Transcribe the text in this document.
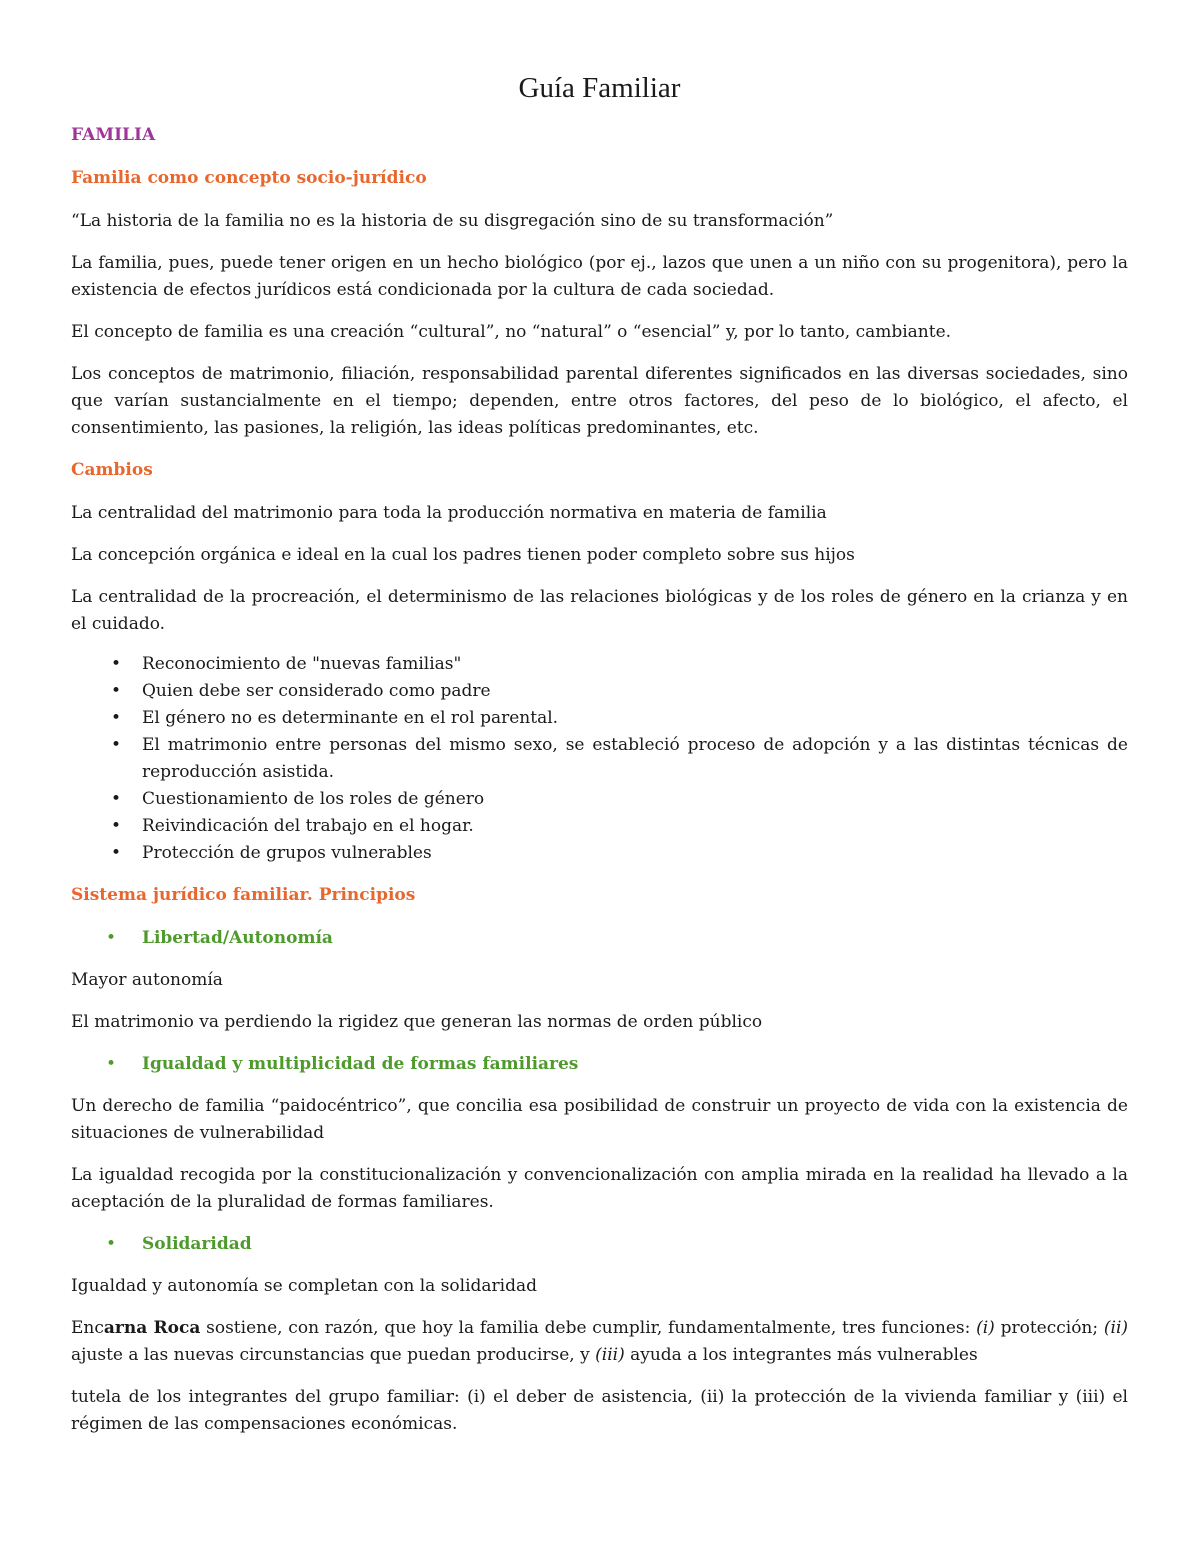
Guía Familiar
FAMILIA
Familia como concepto socio-jurídico

“La historia de la familia no es la historia de su disgregación sino de su transformación”

La familia, pues, puede tener origen en un hecho biológico (por ej., lazos que unen a un niño con su progenitora), pero la existencia de efectos jurídicos está condicionada por la cultura de cada sociedad.

El concepto de familia es una creación “cultural”, no “natural” o “esencial” y, por lo tanto, cambiante.

Los conceptos de matrimonio, filiación, responsabilidad parental diferentes significados en las diversas sociedades, sino que varían sustancialmente en el tiempo; dependen, entre otros factores, del peso de lo biológico, el afecto, el consentimiento, las pasiones, la religión, las ideas políticas predominantes, etc.

Cambios

La centralidad del matrimonio para toda la producción normativa en materia de familia

La concepción orgánica e ideal en la cual los padres tienen poder completo sobre sus hijos

La centralidad de la procreación, el determinismo de las relaciones biológicas y de los roles de género en la crianza y en el cuidado.

• Reconocimiento de "nuevas familias"
• Quien debe ser considerado como padre
• El género no es determinante en el rol parental.
• El matrimonio entre personas del mismo sexo, se estableció proceso de adopción y a las distintas técnicas de reproducción asistida.
• Cuestionamiento de los roles de género
• Reivindicación del trabajo en el hogar.
• Protección de grupos vulnerables
Sistema jurídico familiar. Principios
• Libertad/Autonomía

Mayor autonomía

El matrimonio va perdiendo la rigidez que generan las normas de orden público

• Igualdad y multiplicidad de formas familiares

Un derecho de familia “paidocéntrico”, que concilia esa posibilidad de construir un proyecto de vida con la existencia de situaciones de vulnerabilidad

La igualdad recogida por la constitucionalización y convencionalización con amplia mirada en la realidad ha llevado a la aceptación de la pluralidad de formas familiares.

• Solidaridad

Igualdad y autonomía se completan con la solidaridad

Encarna Roca sostiene, con razón, que hoy la familia debe cumplir, fundamentalmente, tres funciones: (i) protección; (ii) ajuste a las nuevas circunstancias que puedan producirse, y (iii) ayuda a los integrantes más vulnerables

tutela de los integrantes del grupo familiar: (i) el deber de asistencia, (ii) la protección de la vivienda familiar y (iii) el régimen de las compensaciones económicas.
